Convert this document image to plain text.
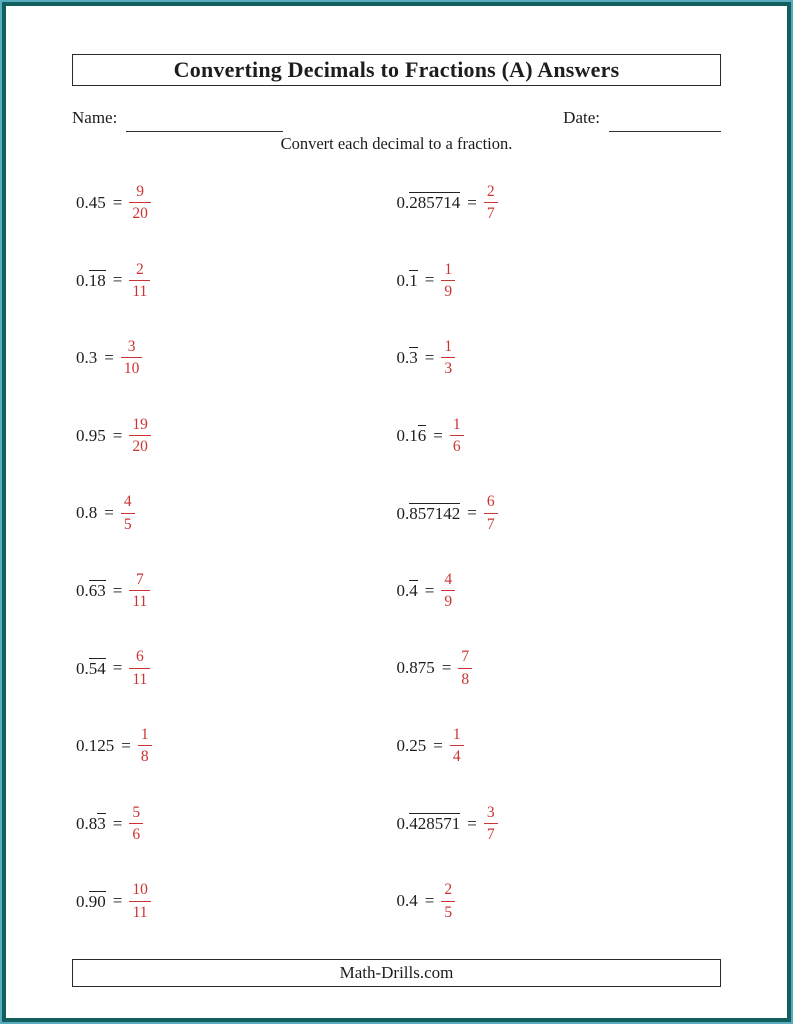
Converting Decimals to Fractions (A) Answers
Name:	Date:

Convert each decimal to a fraction.

$0.45 = \frac{9}{20}$
$0.18 = \frac{2}{11}$
$0.3 = \frac{3}{10}$
$0.95 = \frac{19}{20}$
$0.8 = \frac{4}{5}$
$0.63 = \frac{7}{11}$
$0.54 = \frac{6}{11}$
$0.125 = \frac{1}{8}$
$0.83 = \frac{5}{6}$
$0.90 = \frac{10}{11}$
$0.285714 = \frac{2}{7}$
$0.1 = \frac{1}{9}$
$0.3 = \frac{1}{3}$
$0.16 = \frac{1}{6}$
$0.857142 = \frac{6}{7}$
$0.4 = \frac{4}{9}$
$0.875 = \frac{7}{8}$
$0.25 = \frac{1}{4}$
$0.428571 = \frac{3}{7}$
$0.4 = \frac{2}{5}$
Math-Drills.com
